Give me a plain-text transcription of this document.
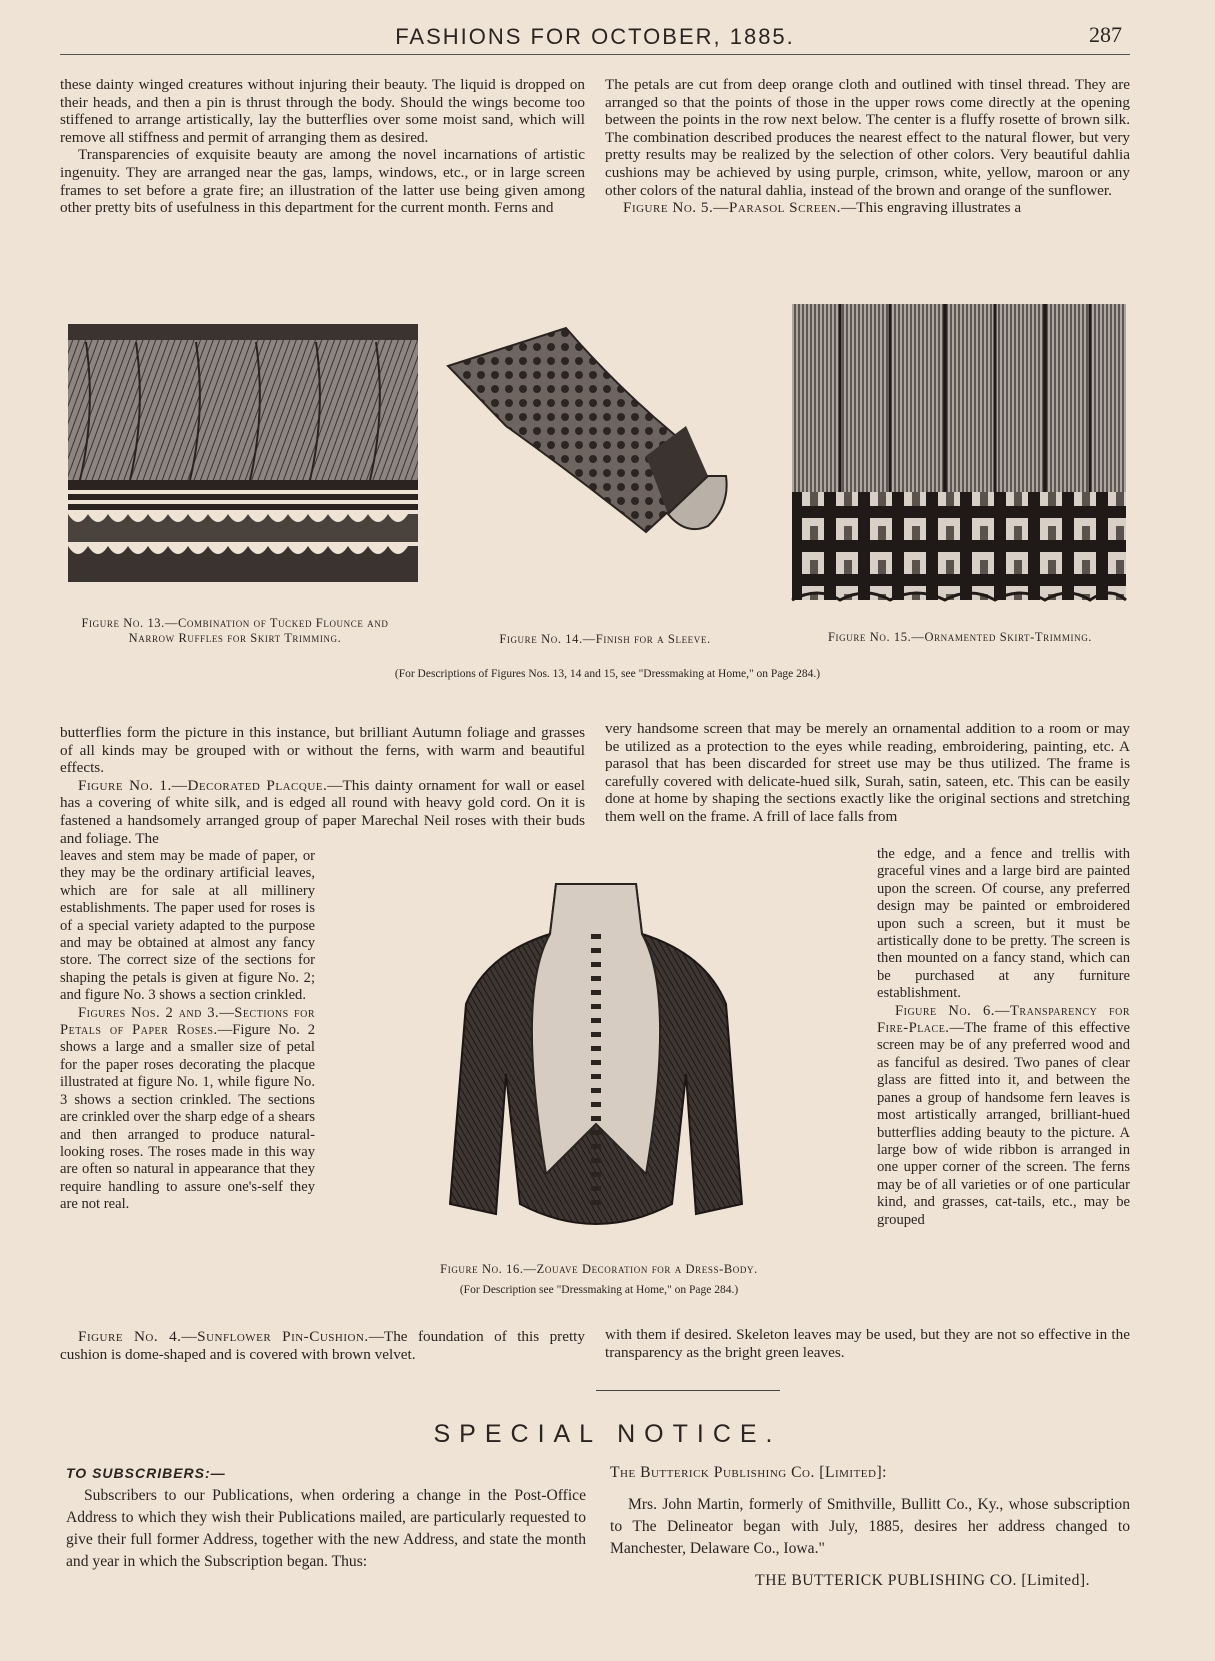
FASHIONS FOR OCTOBER, 1885.	287

these dainty winged creatures without injuring their beauty. The liquid is dropped on their heads, and then a pin is thrust through the body. Should the wings become too stiffened to arrange artistically, lay the butterflies over some moist sand, which will remove all stiffness and permit of arranging them as desired.

Transparencies of exquisite beauty are among the novel incarnations of artistic ingenuity. They are arranged near the gas, lamps, windows, etc., or in large screen frames to set before a grate fire; an illustration of the latter use being given among other pretty bits of usefulness in this department for the current month. Ferns and

The petals are cut from deep orange cloth and outlined with tinsel thread. They are arranged so that the points of those in the upper rows come directly at the opening between the points in the row next below. The center is a fluffy rosette of brown silk. The combination described produces the nearest effect to the natural flower, but very pretty results may be realized by the selection of other colors. Very beautiful dahlia cushions may be achieved by using purple, crimson, white, yellow, maroon or any other colors of the natural dahlia, instead of the brown and orange of the sunflower.

Figure No. 5.—Parasol Screen.—This engraving illustrates a

Figure No. 13.—Combination of Tucked Flounce and Narrow Ruffles for Skirt Trimming.	Figure No. 14.—Finish for a Sleeve.	Figure No. 15.—Ornamented Skirt-Trimming.
(For Descriptions of Figures Nos. 13, 14 and 15, see "Dressmaking at Home," on Page 284.)

butterflies form the picture in this instance, but brilliant Autumn foliage and grasses of all kinds may be grouped with or without the ferns, with warm and beautiful effects.

Figure No. 1.—Decorated Placque.—This dainty ornament for wall or easel has a covering of white silk, and is edged all round with heavy gold cord. On it is fastened a handsomely arranged group of paper Marechal Neil roses with their buds and foliage. The

leaves and stem may be made of paper, or they may be the ordinary artificial leaves, which are for sale at all millinery establishments. The paper used for roses is of a special variety adapted to the purpose and may be obtained at almost any fancy store. The correct size of the sections for shaping the petals is given at figure No. 2; and figure No. 3 shows a section crinkled.

Figures Nos. 2 and 3.—Sections for Petals of Paper Roses.—Figure No. 2 shows a large and a smaller size of petal for the paper roses decorating the placque illustrated at figure No. 1, while figure No. 3 shows a section crinkled. The sections are crinkled over the sharp edge of a shears and then arranged to produce natural-looking roses. The roses made in this way are often so natural in appearance that they require handling to assure one's-self they are not real.

Figure No. 4.—Sunflower Pin-Cushion.—The foundation of this pretty cushion is dome-shaped and is covered with brown velvet.

very handsome screen that may be merely an ornamental addition to a room or may be utilized as a protection to the eyes while reading, embroidering, painting, etc. A parasol that has been discarded for street use may be thus utilized. The frame is carefully covered with delicate-hued silk, Surah, satin, sateen, etc. This can be easily done at home by shaping the sections exactly like the original sections and stretching them well on the frame. A frill of lace falls from

the edge, and a fence and trellis with graceful vines and a large bird are painted upon the screen. Of course, any preferred design may be painted or embroidered upon such a screen, but it must be artistically done to be pretty. The screen is then mounted on a fancy stand, which can be purchased at any furniture establishment.

Figure No. 6.—Transparency for Fire-Place.—The frame of this effective screen may be of any preferred wood and as fanciful as desired. Two panes of clear glass are fitted into it, and between the panes a group of handsome fern leaves is most artistically arranged, brilliant-hued butterflies adding beauty to the picture. A large bow of wide ribbon is arranged in one upper corner of the screen. The ferns may be of all varieties or of one particular kind, and grasses, cat-tails, etc., may be grouped

with them if desired. Skeleton leaves may be used, but they are not so effective in the transparency as the bright green leaves.

Figure No. 16.—Zouave Decoration for a Dress-Body.
(For Description see "Dressmaking at Home," on Page 284.)
SPECIAL NOTICE.

TO SUBSCRIBERS:—

Subscribers to our Publications, when ordering a change in the Post-Office Address to which they wish their Publications mailed, are particularly requested to give their full former Address, together with the new Address, and state the month and year in which the Subscription began. Thus:

The Butterick Publishing Co. [Limited]:

Mrs. John Martin, formerly of Smithville, Bullitt Co., Ky., whose subscription to The Delineator began with July, 1885, desires her address changed to Manchester, Delaware Co., Iowa."

THE BUTTERICK PUBLISHING CO. [Limited].
